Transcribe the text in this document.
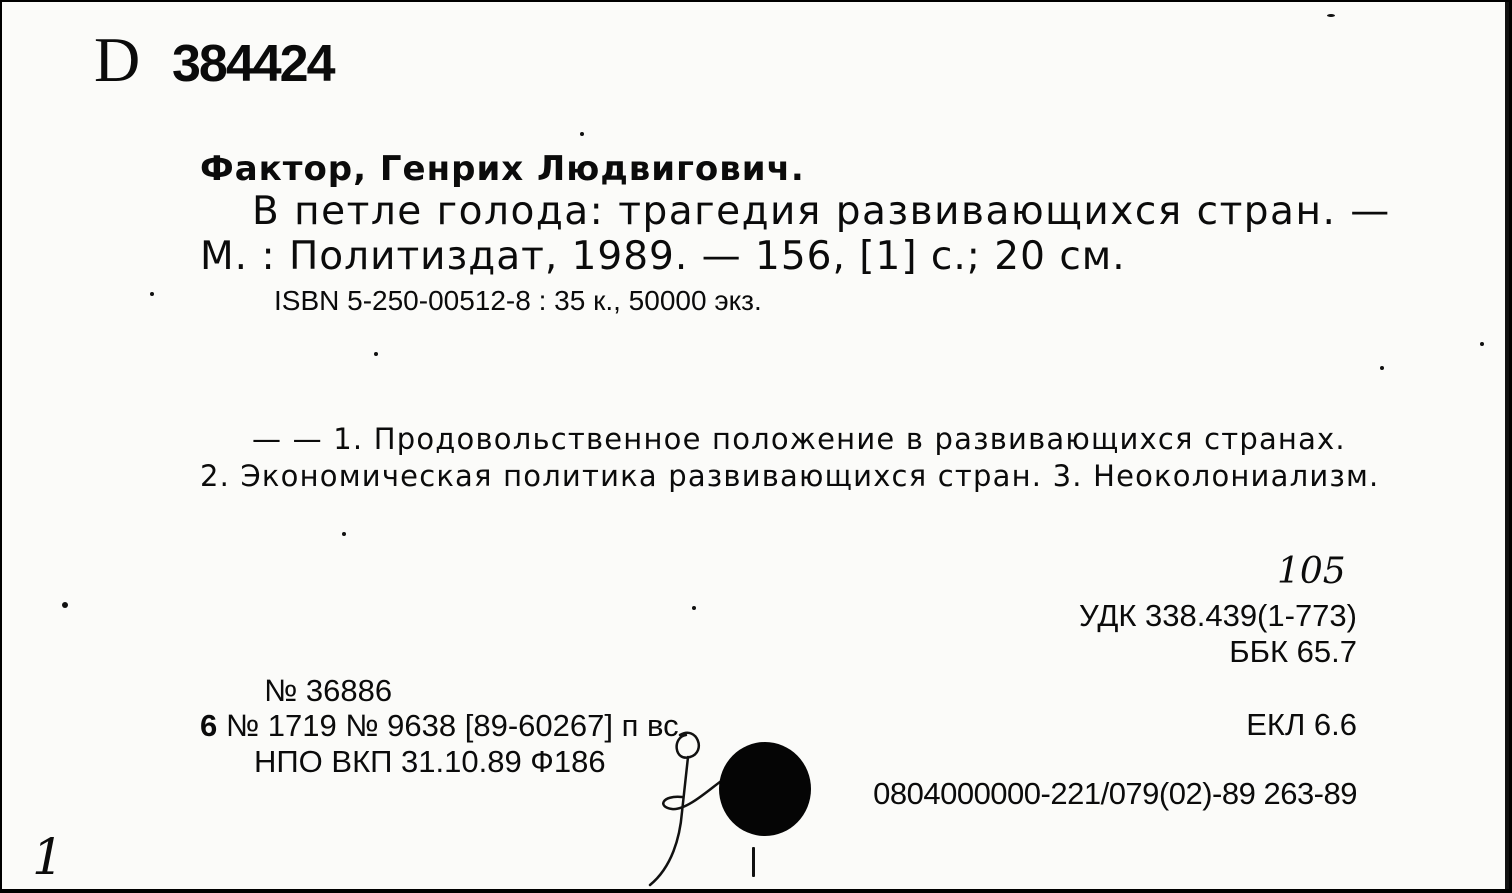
D 384424
Фактор, Генрих Людвигович.
В петле голода: трагедия развивающихся стран. —
М. : Политиздат, 1989. — 156, [1] с.; 20 см.
ISBN 5-250-00512-8 : 35 к., 50000 экз.
— — 1. Продовольственное положение в развивающихся странах.
2. Экономическая политика развивающихся стран. 3. Неоколониализм.
105
УДК 338.439(1-773)
ББК 65.7
ЕКЛ 6.6
№ 36886
6 № 1719 № 9638 [89-60267] п вс
НПО ВКП 31.10.89 Ф186
0804000000-221/079(02)-89 263-89
1
